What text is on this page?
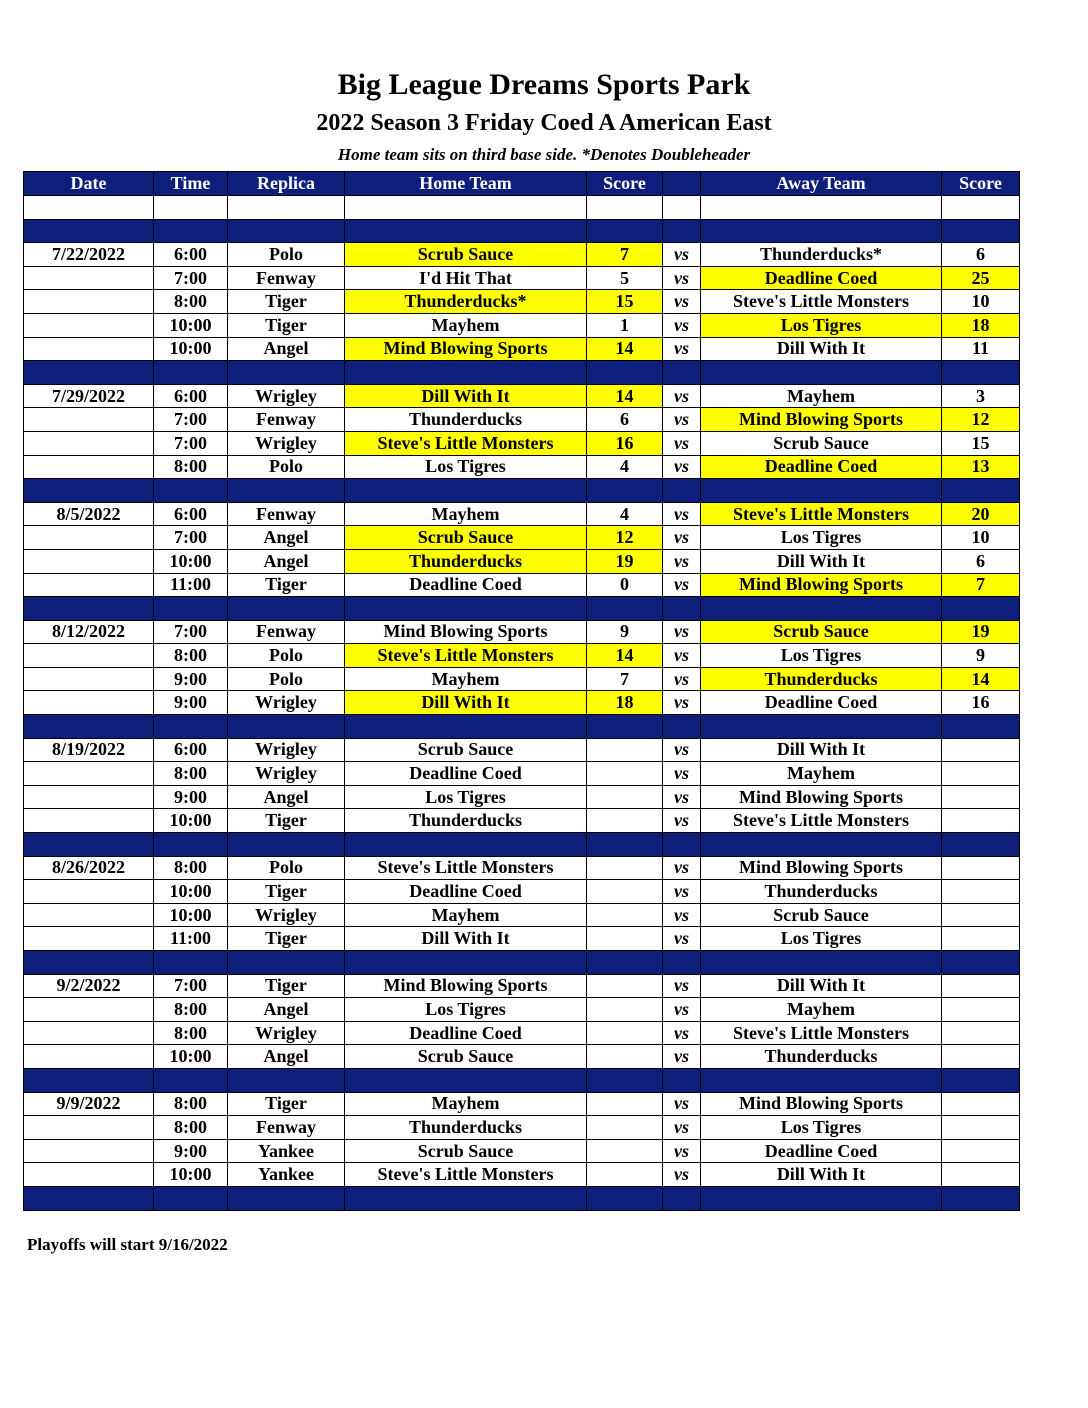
Big League Dreams Sports Park
2022 Season 3 Friday Coed A American East
Home team sits on third base side. *Denotes Doubleheader
Date	Time	Replica	Home Team	Score		Away Team	Score

7/22/2022	6:00	Polo	Scrub Sauce	7	vs	Thunderducks*	6
	7:00	Fenway	I'd Hit That	5	vs	Deadline Coed	25
	8:00	Tiger	Thunderducks*	15	vs	Steve's Little Monsters	10
	10:00	Tiger	Mayhem	1	vs	Los Tigres	18
	10:00	Angel	Mind Blowing Sports	14	vs	Dill With It	11

7/29/2022	6:00	Wrigley	Dill With It	14	vs	Mayhem	3
	7:00	Fenway	Thunderducks	6	vs	Mind Blowing Sports	12
	7:00	Wrigley	Steve's Little Monsters	16	vs	Scrub Sauce	15
	8:00	Polo	Los Tigres	4	vs	Deadline Coed	13

8/5/2022	6:00	Fenway	Mayhem	4	vs	Steve's Little Monsters	20
	7:00	Angel	Scrub Sauce	12	vs	Los Tigres	10
	10:00	Angel	Thunderducks	19	vs	Dill With It	6
	11:00	Tiger	Deadline Coed	0	vs	Mind Blowing Sports	7

8/12/2022	7:00	Fenway	Mind Blowing Sports	9	vs	Scrub Sauce	19
	8:00	Polo	Steve's Little Monsters	14	vs	Los Tigres	9
	9:00	Polo	Mayhem	7	vs	Thunderducks	14
	9:00	Wrigley	Dill With It	18	vs	Deadline Coed	16

8/19/2022	6:00	Wrigley	Scrub Sauce		vs	Dill With It	
	8:00	Wrigley	Deadline Coed		vs	Mayhem	
	9:00	Angel	Los Tigres		vs	Mind Blowing Sports	
	10:00	Tiger	Thunderducks		vs	Steve's Little Monsters	

8/26/2022	8:00	Polo	Steve's Little Monsters		vs	Mind Blowing Sports	
	10:00	Tiger	Deadline Coed		vs	Thunderducks	
	10:00	Wrigley	Mayhem		vs	Scrub Sauce	
	11:00	Tiger	Dill With It		vs	Los Tigres	

9/2/2022	7:00	Tiger	Mind Blowing Sports		vs	Dill With It	
	8:00	Angel	Los Tigres		vs	Mayhem	
	8:00	Wrigley	Deadline Coed		vs	Steve's Little Monsters	
	10:00	Angel	Scrub Sauce		vs	Thunderducks	

9/9/2022	8:00	Tiger	Mayhem		vs	Mind Blowing Sports	
	8:00	Fenway	Thunderducks		vs	Los Tigres	
	9:00	Yankee	Scrub Sauce		vs	Deadline Coed	
	10:00	Yankee	Steve's Little Monsters		vs	Dill With It	

Playoffs will start 9/16/2022
